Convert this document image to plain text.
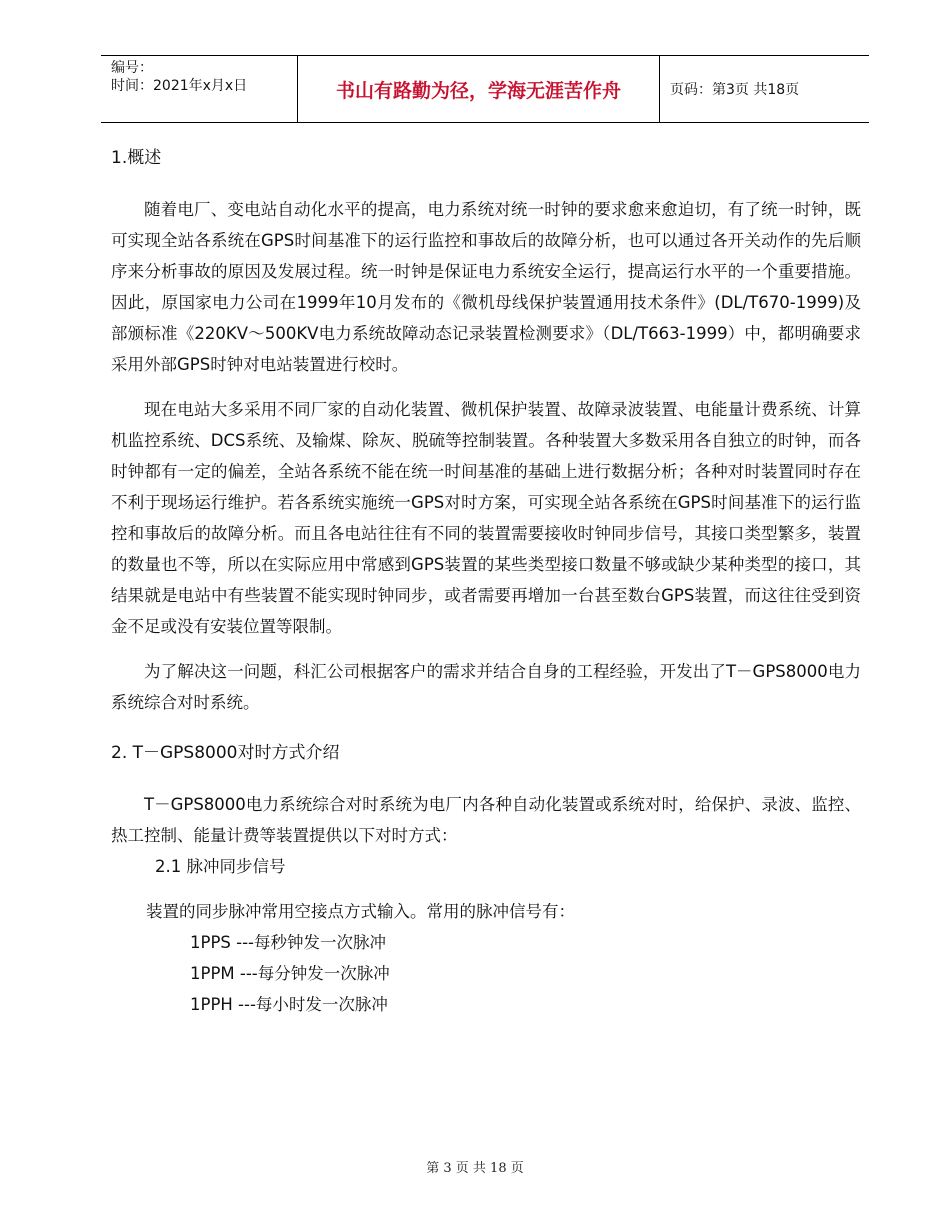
编号：
时间：2021年x月x日	书山有路勤为径，学海无涯苦作舟	页码：第3页 共18页
1.概述

随着电厂、变电站自动化水平的提高，电力系统对统一时钟的要求愈来愈迫切，有了统一时钟，既可实现全站各系统在GPS时间基准下的运行监控和事故后的故障分析，也可以通过各开关动作的先后顺序来分析事故的原因及发展过程。统一时钟是保证电力系统安全运行，提高运行水平的一个重要措施。因此，原国家电力公司在1999年10月发布的《微机母线保护装置通用技术条件》(DL/T670-1999)及部颁标准《220KV～500KV电力系统故障动态记录装置检测要求》（DL/T663-1999）中，都明确要求采用外部GPS时钟对电站装置进行校时。

现在电站大多采用不同厂家的自动化装置、微机保护装置、故障录波装置、电能量计费系统、计算机监控系统、DCS系统、及输煤、除灰、脱硫等控制装置。各种装置大多数采用各自独立的时钟，而各时钟都有一定的偏差，全站各系统不能在统一时间基准的基础上进行数据分析；各种对时装置同时存在不利于现场运行维护。若各系统实施统一GPS对时方案，可实现全站各系统在GPS时间基准下的运行监控和事故后的故障分析。而且各电站往往有不同的装置需要接收时钟同步信号，其接口类型繁多，装置的数量也不等，所以在实际应用中常感到GPS装置的某些类型接口数量不够或缺少某种类型的接口，其结果就是电站中有些装置不能实现时钟同步，或者需要再增加一台甚至数台GPS装置，而这往往受到资金不足或没有安装位置等限制。

为了解决这一问题，科汇公司根据客户的需求并结合自身的工程经验，开发出了T－GPS8000电力系统综合对时系统。

2. T－GPS8000对时方式介绍

T－GPS8000电力系统综合对时系统为电厂内各种自动化装置或系统对时，给保护、录波、监控、热工控制、能量计费等装置提供以下对时方式：

2.1 脉冲同步信号

装置的同步脉冲常用空接点方式输入。常用的脉冲信号有：

1PPS ---每秒钟发一次脉冲

1PPM ---每分钟发一次脉冲

1PPH ---每小时发一次脉冲

第 3 页 共 18 页
